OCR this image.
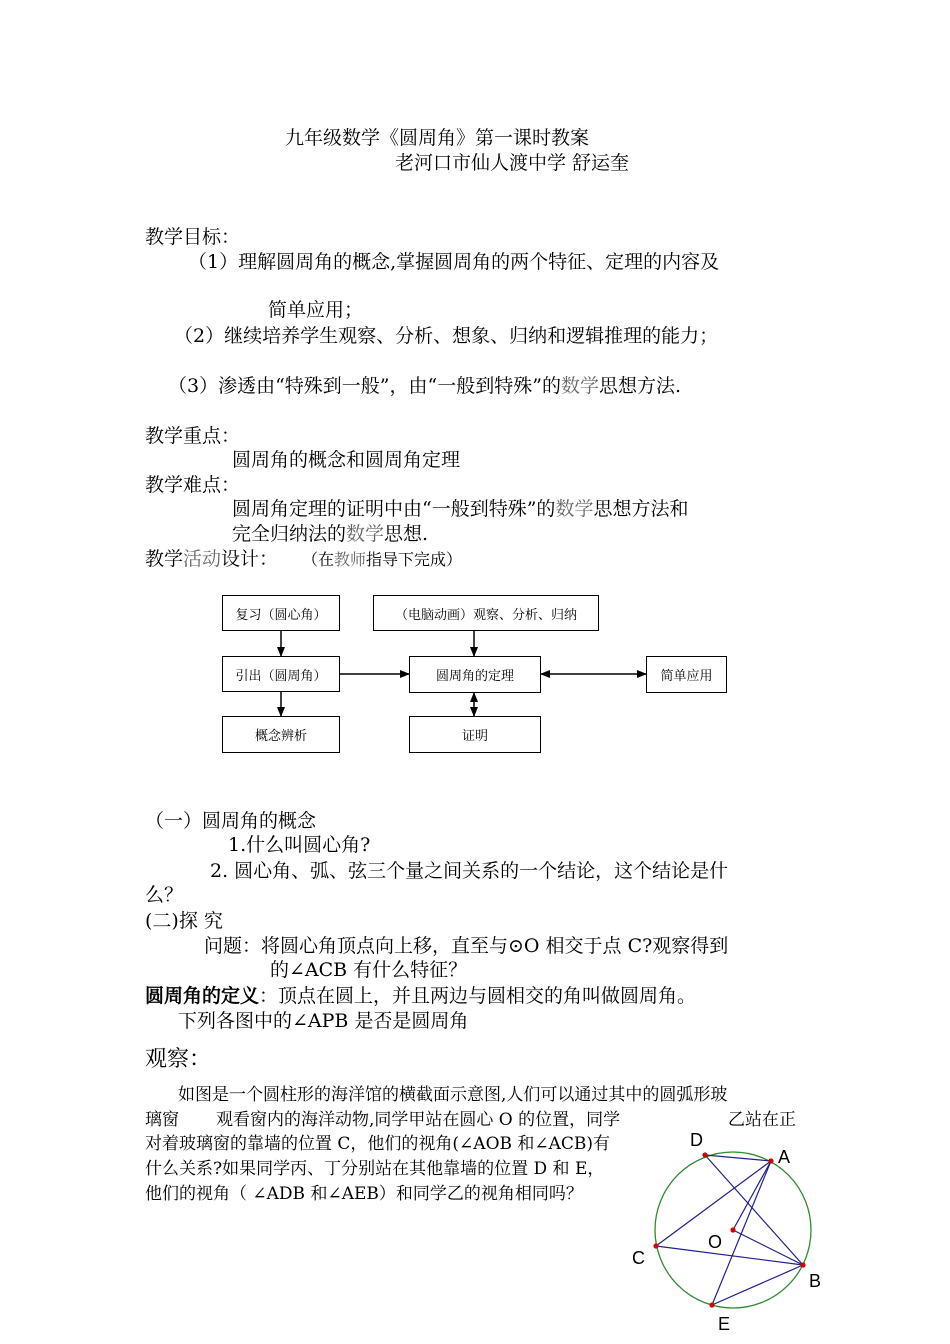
九年级数学《圆周角》第一课时教案
老河口市仙人渡中学 舒运奎
教学目标：
（1）理解圆周角的概念,掌握圆周角的两个特征、定理的内容及
简单应用；
（2）继续培养学生观察、分析、想象、归纳和逻辑推理的能力；
（3）渗透由“特殊到一般”，由“一般到特殊”的数学思想方法.
教学重点：
圆周角的概念和圆周角定理
教学难点：
圆周角定理的证明中由“一般到特殊”的数学思想方法和
完全归纳法的数学思想.
教学活动设计： （在教师指导下完成）
复习（圆心角）	（电脑动画）观察、分析、归纳
引出（圆周角）	圆周角的定理	简单应用
概念辨析	证明
（一）圆周角的概念
1.什么叫圆心角?
2. 圆心角、弧、弦三个量之间关系的一个结论，这个结论是什
么？
(二)探 究
问题：将圆心角顶点向上移，直至与⊙O 相交于点 C?观察得到
的∠ACB 有什么特征？
圆周角的定义：顶点在圆上，并且两边与圆相交的角叫做圆周角。
下列各图中的∠APB 是否是圆周角
观察：
如图是一个圆柱形的海洋馆的横截面示意图,人们可以通过其中的圆弧形玻
璃窗 观看窗内的海洋动物,同学甲站在圆心 O 的位置，同学	乙站在正
对着玻璃窗的靠墙的位置 C，他们的视角(∠AOB 和∠ACB)有
什么关系?如果同学丙、丁分别站在其他靠墙的位置 D 和 E，
他们的视角（ ∠ADB 和∠AEB）和同学乙的视角相同吗？
D
A
C
B
O
E
